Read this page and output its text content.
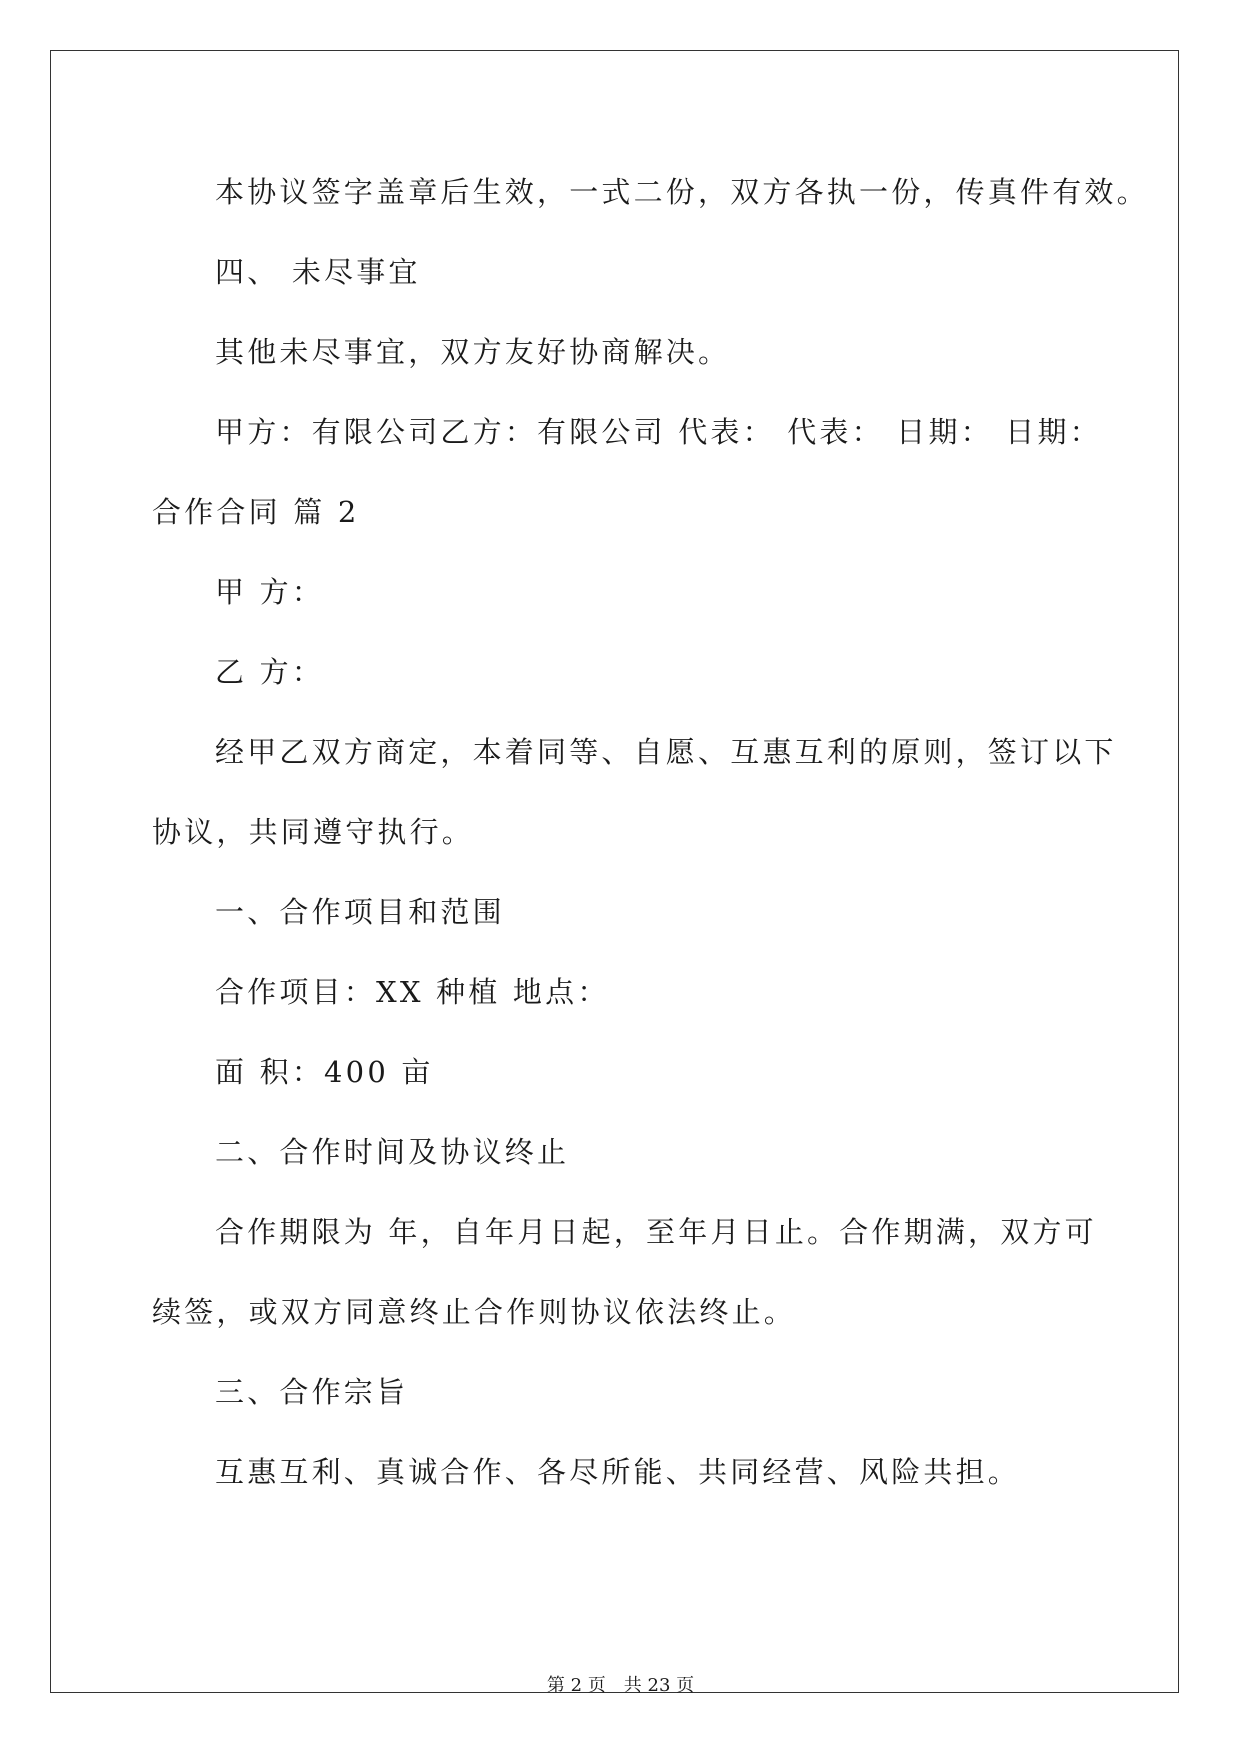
本协议签字盖章后生效，一式二份，双方各执一份，传真件有效。

四、 未尽事宜

其他未尽事宜，双方友好协商解决。

甲方：有限公司乙方：有限公司 代表： 代表： 日期： 日期：

合作合同 篇 2

甲 方：

乙 方：

经甲乙双方商定，本着同等、自愿、互惠互利的原则，签订以下

协议，共同遵守执行。

一、合作项目和范围

合作项目：XX 种植 地点：

面 积：400 亩

二、合作时间及协议终止

合作期限为 年，自年月日起，至年月日止。合作期满，双方可

续签，或双方同意终止合作则协议依法终止。

三、合作宗旨

互惠互利、真诚合作、各尽所能、共同经营、风险共担。

第 2 页 共 23 页
